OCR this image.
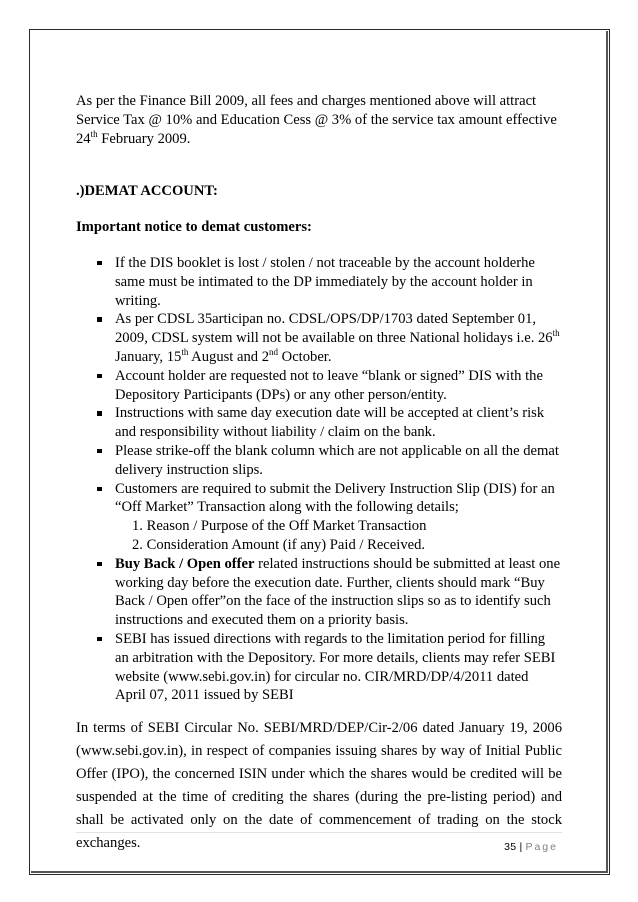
As per the Finance Bill 2009, all fees and charges mentioned above will attract Service Tax @ 10% and Education Cess @ 3% of the service tax amount effective 24th February 2009.

.)DEMAT ACCOUNT:

Important notice to demat customers:

If the DIS booklet is lost / stolen / not traceable by the account holderhe same must be intimated to the DP immediately by the account holder in writing.
As per CDSL 35articipan no. CDSL/OPS/DP/1703 dated September 01, 2009, CDSL system will not be available on three National holidays i.e. 26th January, 15th August and 2nd October.
Account holder are requested not to leave “blank or signed” DIS with the Depository Participants (DPs) or any other person/entity.
Instructions with same day execution date will be accepted at client’s risk and responsibility without liability / claim on the bank.
Please strike-off the blank column which are not applicable on all the demat delivery instruction slips.
Customers are required to submit the Delivery Instruction Slip (DIS) for an “Off Market” Transaction along with the following details;
1. Reason / Purpose of the Off Market Transaction
2. Consideration Amount (if any) Paid / Received.
Buy Back / Open offer related instructions should be submitted at least one working day before the execution date. Further, clients should mark “Buy Back / Open offer”on the face of the instruction slips so as to identify such instructions and executed them on a priority basis.
SEBI has issued directions with regards to the limitation period for filling an arbitration with the Depository. For more details, clients may refer SEBI website (www.sebi.gov.in) for circular no. CIR/MRD/DP/4/2011 dated April 07, 2011 issued by SEBI

In terms of SEBI Circular No. SEBI/MRD/DEP/Cir-2/06 dated January 19, 2006 (www.sebi.gov.in), in respect of companies issuing shares by way of Initial Public Offer (IPO), the concerned ISIN under which the shares would be credited will be suspended at the time of crediting the shares (during the pre-listing period) and shall be activated only on the date of commencement of trading on the stock exchanges.	35 | Page
